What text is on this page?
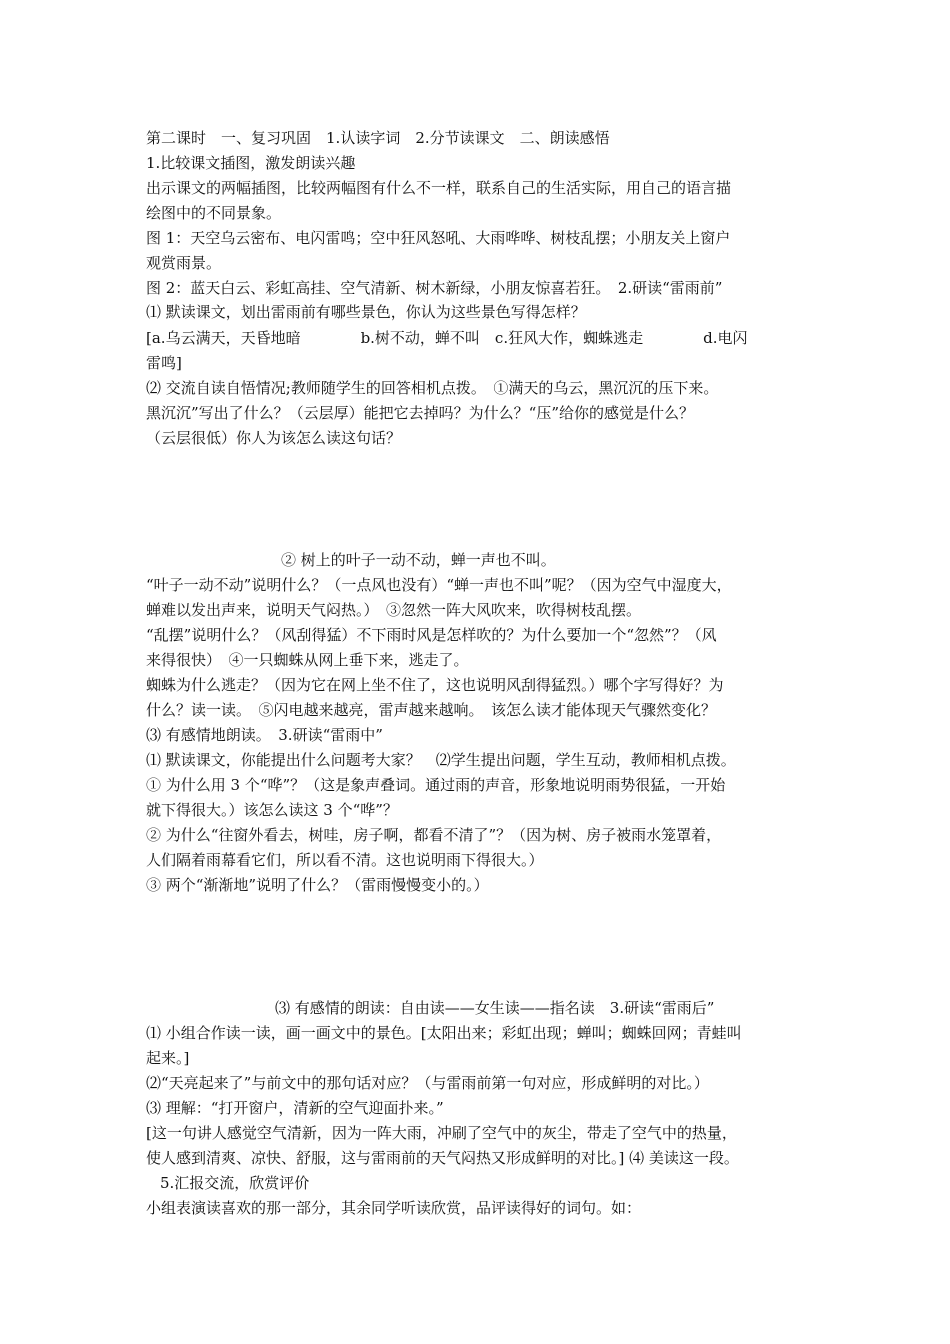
第二课时　一、复习巩固　1.认读字词　2.分节读课文　二、朗读感悟
1.比较课文插图，激发朗读兴趣
出示课文的两幅插图，比较两幅图有什么不一样，联系自己的生活实际，用自己的语言描
绘图中的不同景象。
图 1：天空乌云密布、电闪雷鸣；空中狂风怒吼、大雨哗哗、树枝乱摆；小朋友关上窗户
观赏雨景。
图 2：蓝天白云、彩虹高挂、空气清新、树木新绿，小朋友惊喜若狂。　2.研读“雷雨前”
⑴ 默读课文，划出雷雨前有哪些景色，你认为这些景色写得怎样？
[a.乌云满天，天昏地暗　　　　b.树不动，蝉不叫　c.狂风大作，蜘蛛逃走　　　　d.电闪
雷鸣]
⑵ 交流自读自悟情况;教师随学生的回答相机点拨。　①满天的乌云，黑沉沉的压下来。
黑沉沉”写出了什么？（云层厚）能把它去掉吗？为什么？“压”给你的感觉是什么？
（云层很低）你人为该怎么读这句话？
② 树上的叶子一动不动，蝉一声也不叫。
“叶子一动不动”说明什么？（一点风也没有）“蝉一声也不叫”呢？（因为空气中湿度大，
蝉难以发出声来，说明天气闷热。）　③忽然一阵大风吹来，吹得树枝乱摆。
“乱摆”说明什么？（风刮得猛）不下雨时风是怎样吹的？为什么要加一个“忽然”？（风
来得很快）　④一只蜘蛛从网上垂下来，逃走了。
蜘蛛为什么逃走？（因为它在网上坐不住了，这也说明风刮得猛烈。）哪个字写得好？为
什么？读一读。　⑤闪电越来越亮，雷声越来越响。　该怎么读才能体现天气骤然变化？
⑶ 有感情地朗读。　3.研读“雷雨中”
⑴ 默读课文，你能提出什么问题考大家？　⑵学生提出问题，学生互动，教师相机点拨。
① 为什么用 3 个“哗”？（这是象声叠词。通过雨的声音，形象地说明雨势很猛，一开始
就下得很大。）该怎么读这 3 个“哗”？
② 为什么“往窗外看去，树哇，房子啊，都看不清了”？（因为树、房子被雨水笼罩着，
人们隔着雨幕看它们，所以看不清。这也说明雨下得很大。）
③ 两个“渐渐地”说明了什么？（雷雨慢慢变小的。）
⑶ 有感情的朗读：自由读——女生读——指名读　3.研读“雷雨后”
⑴ 小组合作读一读，画一画文中的景色。[太阳出来；彩虹出现；蝉叫；蜘蛛回网；青蛙叫
起来。]
⑵“天亮起来了”与前文中的那句话对应？（与雷雨前第一句对应，形成鲜明的对比。）
⑶ 理解：“打开窗户，清新的空气迎面扑来。”
[这一句讲人感觉空气清新，因为一阵大雨，冲刷了空气中的灰尘，带走了空气中的热量，
使人感到清爽、凉快、舒服，这与雷雨前的天气闷热又形成鲜明的对比。] ⑷ 美读这一段。
5.汇报交流，欣赏评价
小组表演读喜欢的那一部分，其余同学听读欣赏，品评读得好的词句。如：
